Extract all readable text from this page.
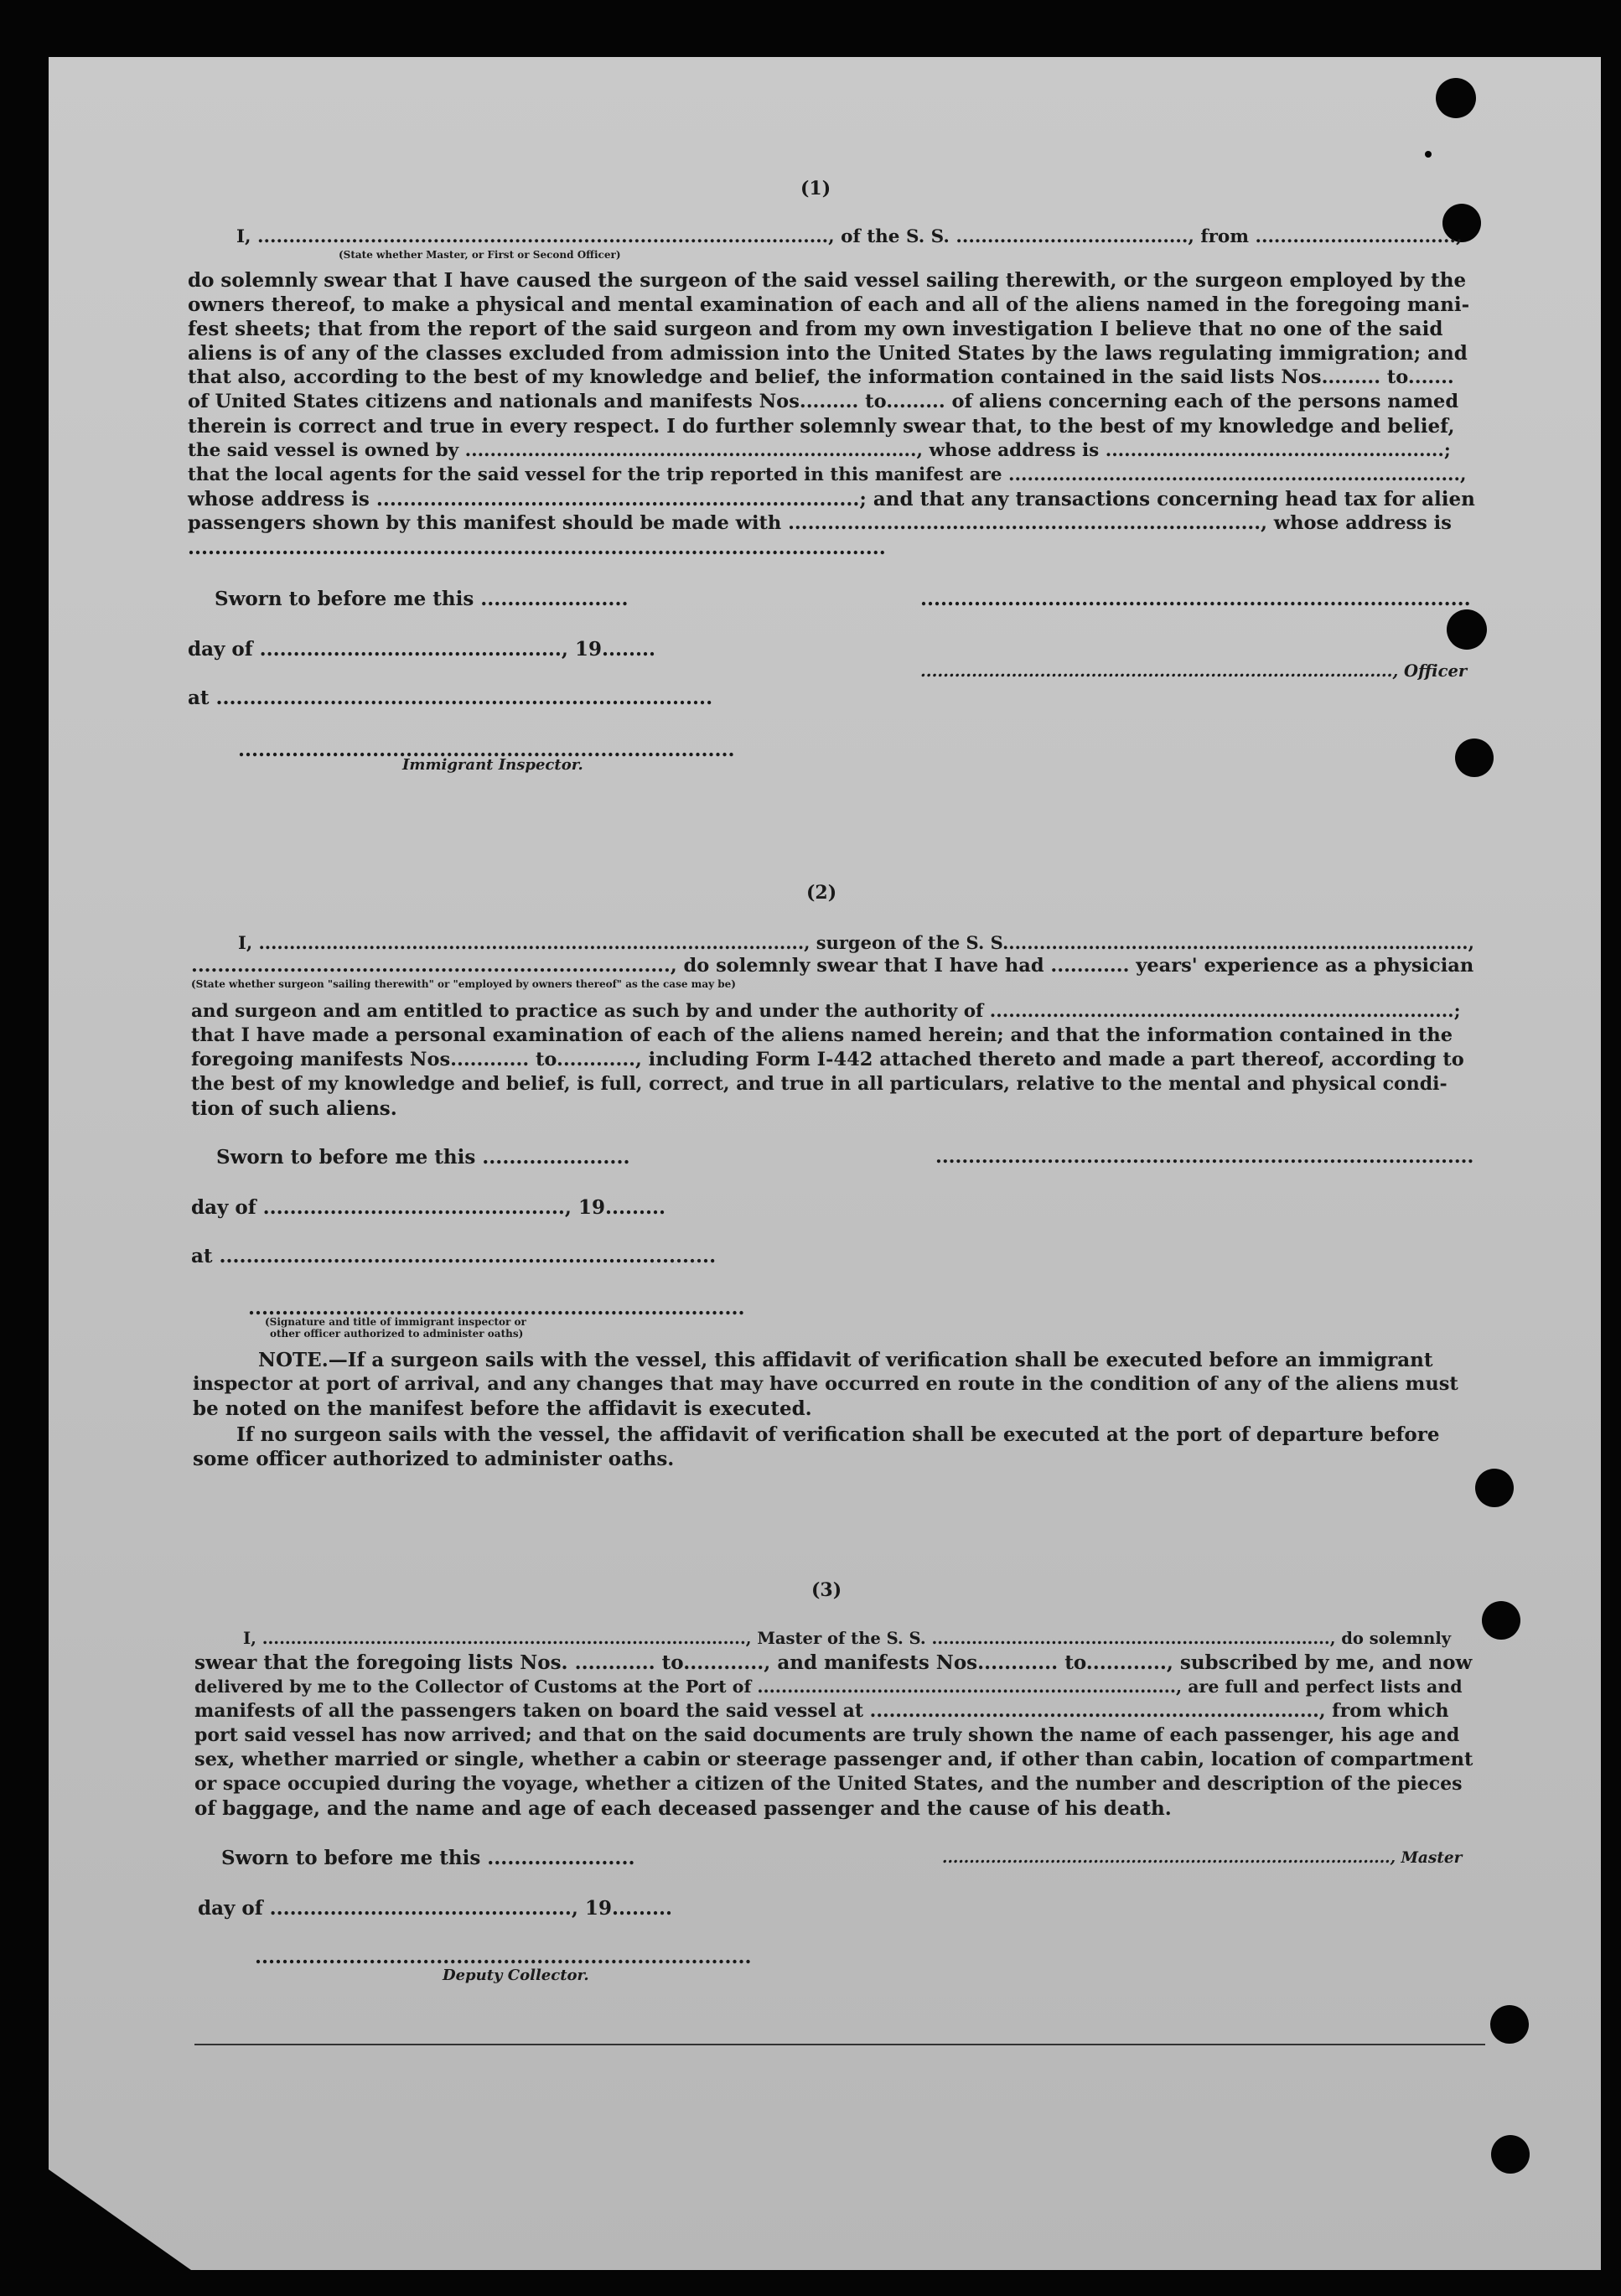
(1)
I, ..........................................................................................., of the S. S. ....................................., from ................................,
(State whether Master, or First or Second Officer)
do solemnly swear that I have caused the surgeon of the said vessel sailing therewith, or the surgeon employed by the
owners thereof, to make a physical and mental examination of each and all of the aliens named in the foregoing mani-
fest sheets; that from the report of the said surgeon and from my own investigation I believe that no one of the said
aliens is of any of the classes excluded from admission into the United States by the laws regulating immigration; and
that also, according to the best of my knowledge and belief, the information contained in the said lists Nos......... to.......
of United States citizens and nationals and manifests Nos......... to......... of aliens concerning each of the persons named
therein is correct and true in every respect. I do further solemnly swear that, to the best of my knowledge and belief,
the said vessel is owned by ........................................................................, whose address is ......................................................;
that the local agents for the said vessel for the trip reported in this manifest are ........................................................................,
whose address is ........................................................................; and that any transactions concerning head tax for alien
passengers shown by this manifest should be made with ........................................................................, whose address is
........................................................................................................
Sworn to before me this ......................	..................................................................................
day of ............................................., 19........
..................................................................................., Officer
at ..........................................................................
..........................................................................
Immigrant Inspector.
(2)
I, ........................................................................................., surgeon of the S. S............................................................................,
........................................................................., do solemnly swear that I have had ............ years' experience as a physician
(State whether surgeon "sailing therewith" or "employed by owners thereof" as the case may be)
and surgeon and am entitled to practice as such by and under the authority of ..........................................................................;
that I have made a personal examination of each of the aliens named herein; and that the information contained in the
foregoing manifests Nos............ to............, including Form I-442 attached thereto and made a part thereof, according to
the best of my knowledge and belief, is full, correct, and true in all particulars, relative to the mental and physical condi-
tion of such aliens.
Sworn to before me this ......................	..................................................................................
day of ............................................., 19.........
at ..........................................................................
..........................................................................
(Signature and title of immigrant inspector or
other officer authorized to administer oaths)
NOTE.—If a surgeon sails with the vessel, this affidavit of verification shall be executed before an immigrant
inspector at port of arrival, and any changes that may have occurred en route in the condition of any of the aliens must
be noted on the manifest before the affidavit is executed.
If no surgeon sails with the vessel, the affidavit of verification shall be executed at the port of departure before
some officer authorized to administer oaths.
(3)
I, ....................................................................................., Master of the S. S. ......................................................................, do solemnly
swear that the foregoing lists Nos. ............ to............, and manifests Nos............ to............, subscribed by me, and now
delivered by me to the Collector of Customs at the Port of ......................................................................, are full and perfect lists and
manifests of all the passengers taken on board the said vessel at ......................................................................, from which
port said vessel has now arrived; and that on the said documents are truly shown the name of each passenger, his age and
sex, whether married or single, whether a cabin or steerage passenger and, if other than cabin, location of compartment
or space occupied during the voyage, whether a citizen of the United States, and the number and description of the pieces
of baggage, and the name and age of each deceased passenger and the cause of his death.
Sworn to before me this ......................	..................................................................................., Master
day of ............................................., 19.........
..........................................................................
Deputy Collector.
